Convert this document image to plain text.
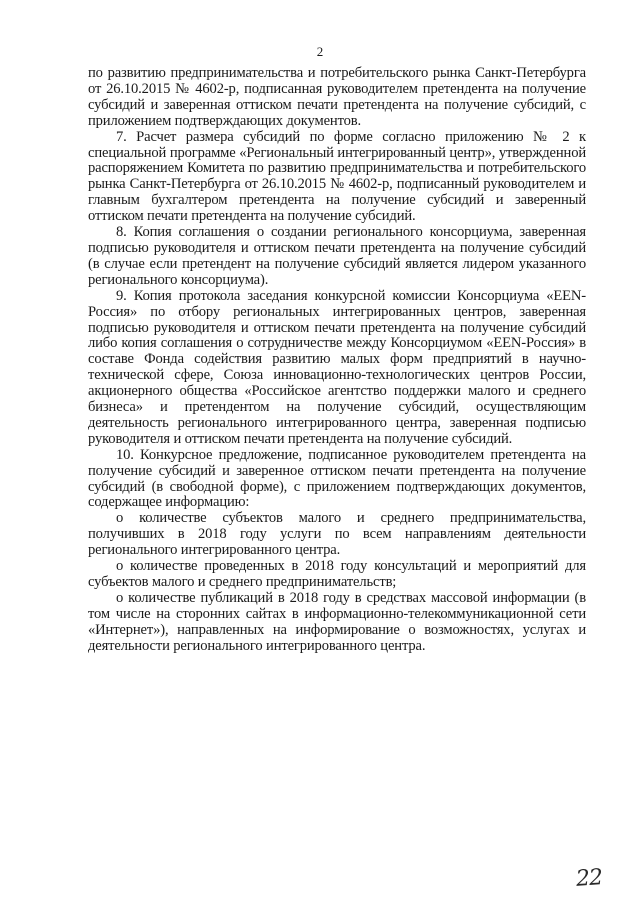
2

по развитию предпринимательства и потребительского рынка Санкт-Петербурга от 26.10.2015 № 4602-р, подписанная руководителем претендента на получение субсидий и заверенная оттиском печати претендента на получение субсидий, с приложением подтверждающих документов.

7. Расчет размера субсидий по форме согласно приложению № 2 к специальной программе «Региональный интегрированный центр», утвержденной распоряжением Комитета по развитию предпринимательства и потребительского рынка Санкт-Петербурга от 26.10.2015 № 4602-р, подписанный руководителем и главным бухгалтером претендента на получение субсидий и заверенный оттиском печати претендента на получение субсидий.

8. Копия соглашения о создании регионального консорциума, заверенная подписью руководителя и оттиском печати претендента на получение субсидий (в случае если претендент на получение субсидий является лидером указанного регионального консорциума).

9. Копия протокола заседания конкурсной комиссии Консорциума «EEN-Россия» по отбору региональных интегрированных центров, заверенная подписью руководителя и оттиском печати претендента на получение субсидий либо копия соглашения о сотрудничестве между Консорциумом «EEN-Россия» в составе Фонда содействия развитию малых форм предприятий в научно-технической сфере, Союза инновационно-технологических центров России, акционерного общества «Российское агентство поддержки малого и среднего бизнеса» и претендентом на получение субсидий, осуществляющим деятельность регионального интегрированного центра, заверенная подписью руководителя и оттиском печати претендента на получение субсидий.

10. Конкурсное предложение, подписанное руководителем претендента на получение субсидий и заверенное оттиском печати претендента на получение субсидий (в свободной форме), с приложением подтверждающих документов, содержащее информацию:

о количестве субъектов малого и среднего предпринимательства, получивших в 2018 году услуги по всем направлениям деятельности регионального интегрированного центра.

о количестве проведенных в 2018 году консультаций и мероприятий для субъектов малого и среднего предпринимательств;

о количестве публикаций в 2018 году в средствах массовой информации (в том числе на сторонних сайтах в информационно-телекоммуникационной сети «Интернет»), направленных на информирование о возможностях, услугах и деятельности регионального интегрированного центра.

22
